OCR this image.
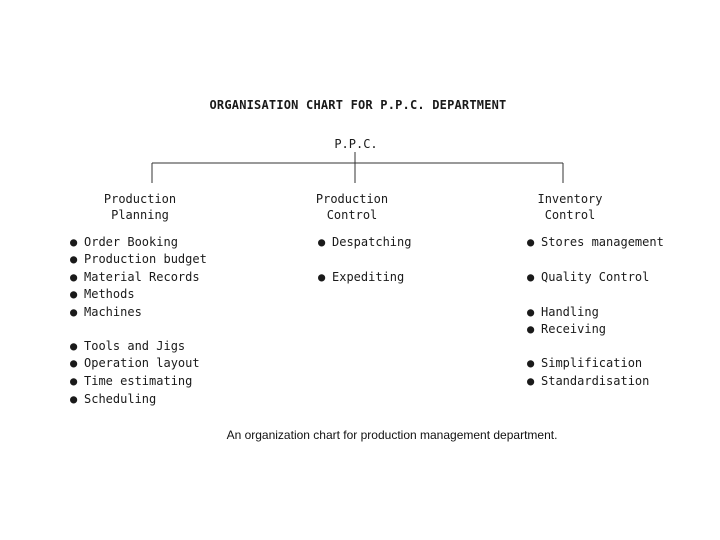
ORGANISATION CHART FOR P.P.C. DEPARTMENT
P.P.C.
Production
Planning
Production
Control
Inventory
Control
● Order Booking
● Production budget
● Material Records
● Methods
● Machines
● Tools and Jigs
● Operation layout
● Time estimating
● Scheduling
● Despatching
● Expediting
● Stores management
● Quality Control
● Handling
● Receiving
● Simplification
● Standardisation
An organization chart for production management department.
